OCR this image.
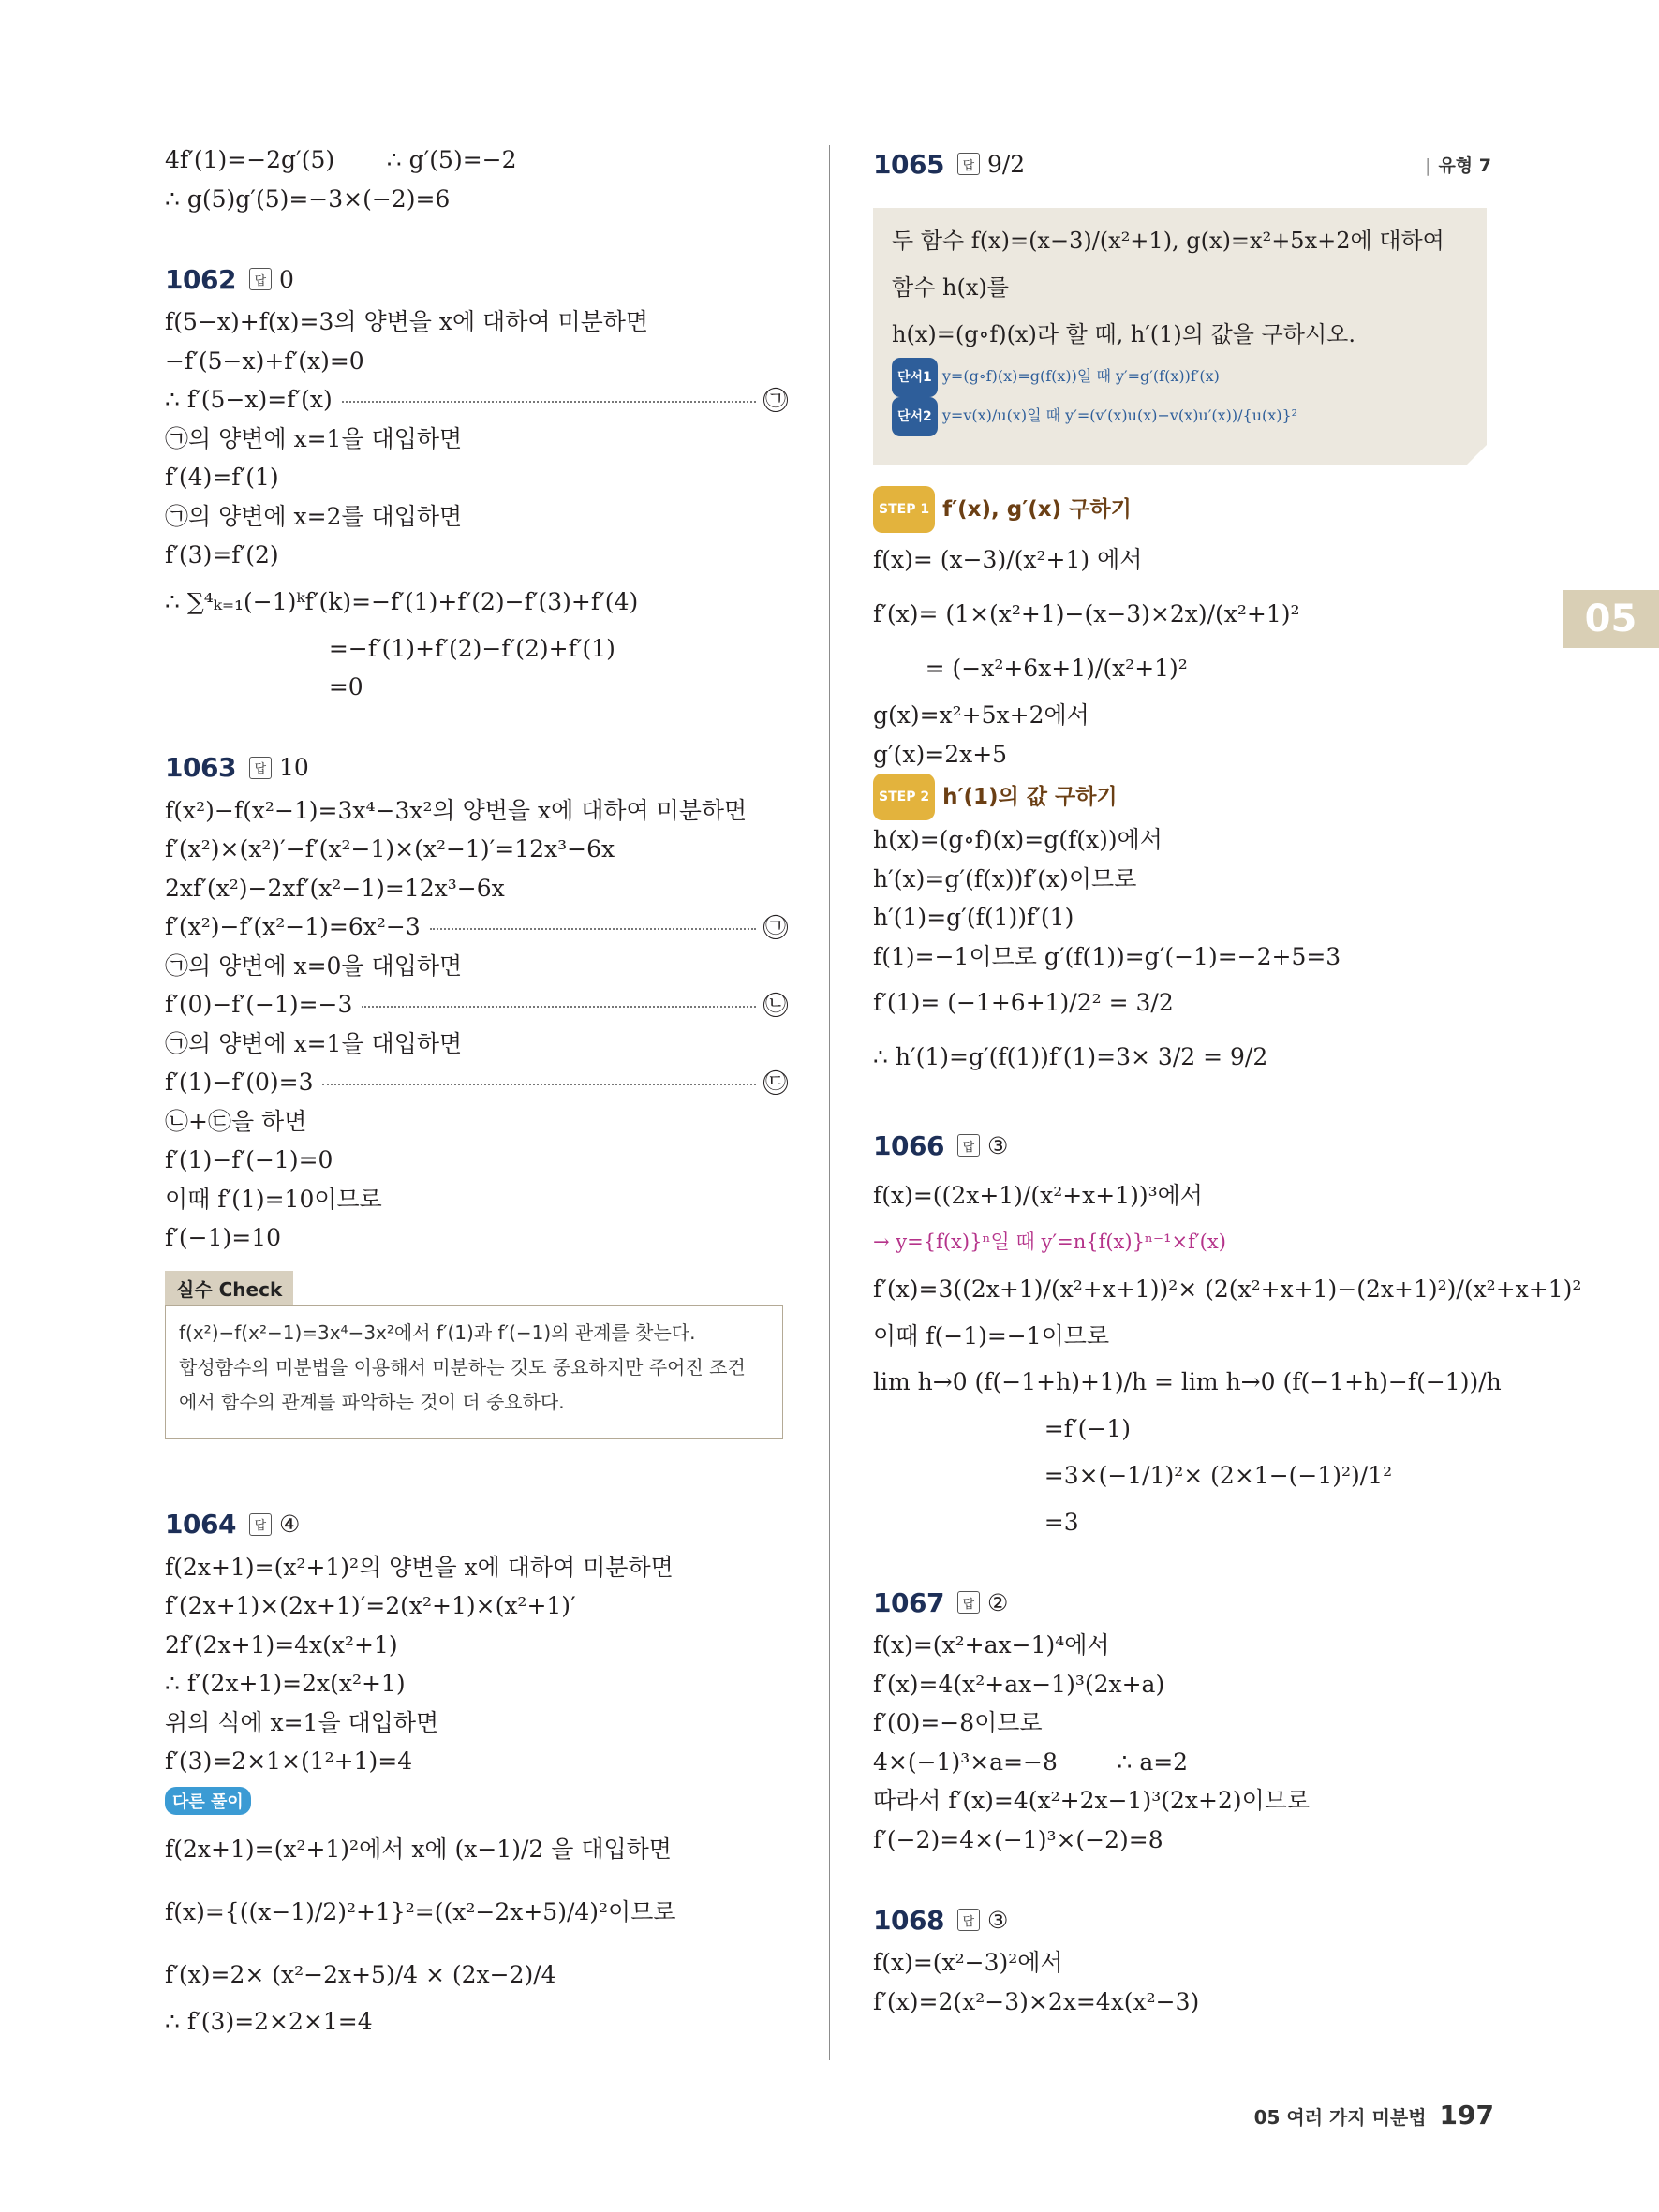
4f′(1)=−2g′(5)       ∴ g′(5)=−2
∴ g(5)g′(5)=−3×(−2)=6
1062	답 0
f(5−x)+f(x)=3의 양변을 x에 대하여 미분하면
−f′(5−x)+f′(x)=0
∴ f′(5−x)=f′(x)	㉠
㉠의 양변에 x=1을 대입하면
f′(4)=f′(1)
㉠의 양변에 x=2를 대입하면
f′(3)=f′(2)
∴ ∑⁴ₖ₌₁(−1)ᵏf′(k)=−f′(1)+f′(2)−f′(3)+f′(4)
=−f′(1)+f′(2)−f′(2)+f′(1)
=0
1063	답 10
f(x²)−f(x²−1)=3x⁴−3x²의 양변을 x에 대하여 미분하면
f′(x²)×(x²)′−f′(x²−1)×(x²−1)′=12x³−6x
2xf′(x²)−2xf′(x²−1)=12x³−6x
f′(x²)−f′(x²−1)=6x²−3	㉠
㉠의 양변에 x=0을 대입하면
f′(0)−f′(−1)=−3	㉡
㉠의 양변에 x=1을 대입하면
f′(1)−f′(0)=3	㉢
㉡+㉢을 하면
f′(1)−f′(−1)=0
이때 f′(1)=10이므로
f′(−1)=10
실수 Check
f(x²)−f(x²−1)=3x⁴−3x²에서 f′(1)과 f′(−1)의 관계를 찾는다.
합성함수의 미분법을 이용해서 미분하는 것도 중요하지만 주어진 조건
에서 함수의 관계를 파악하는 것이 더 중요하다.
1064	답 ④
f(2x+1)=(x²+1)²의 양변을 x에 대하여 미분하면
f′(2x+1)×(2x+1)′=2(x²+1)×(x²+1)′
2f′(2x+1)=4x(x²+1)
∴ f′(2x+1)=2x(x²+1)
위의 식에 x=1을 대입하면
f′(3)=2×1×(1²+1)=4
다른 풀이
f(2x+1)=(x²+1)²에서 x에 (x−1)/2 을 대입하면
f(x)={((x−1)/2)²+1}²=((x²−2x+5)/4)²이므로
f′(x)=2× (x²−2x+5)/4 × (2x−2)/4
∴ f′(3)=2×2×1=4
1065	답 9/2
|	유형 7
두 함수 f(x)=(x−3)/(x²+1), g(x)=x²+5x+2에 대하여 함수 h(x)를
h(x)=(g∘f)(x)라 할 때, h′(1)의 값을 구하시오.
단서1 y=(g∘f)(x)=g(f(x))일 때 y′=g′(f(x))f′(x)
단서2 y=v(x)/u(x)일 때 y′=(v′(x)u(x)−v(x)u′(x))/{u(x)}²
STEP 1 f′(x), g′(x) 구하기
f(x)= (x−3)/(x²+1) 에서
f′(x)= (1×(x²+1)−(x−3)×2x)/(x²+1)²
= (−x²+6x+1)/(x²+1)²
g(x)=x²+5x+2에서
g′(x)=2x+5
STEP 2 h′(1)의 값 구하기
h(x)=(g∘f)(x)=g(f(x))에서
h′(x)=g′(f(x))f′(x)이므로
h′(1)=g′(f(1))f′(1)
f(1)=−1이므로 g′(f(1))=g′(−1)=−2+5=3
f′(1)= (−1+6+1)/2² = 3/2
∴ h′(1)=g′(f(1))f′(1)=3× 3/2 = 9/2
1066	답 ③
f(x)=((2x+1)/(x²+x+1))³에서
→ y={f(x)}ⁿ일 때 y′=n{f(x)}ⁿ⁻¹×f′(x)
f′(x)=3((2x+1)/(x²+x+1))²× (2(x²+x+1)−(2x+1)²)/(x²+x+1)²
이때 f(−1)=−1이므로
lim h→0 (f(−1+h)+1)/h = lim h→0 (f(−1+h)−f(−1))/h
=f′(−1)
=3×(−1/1)²× (2×1−(−1)²)/1²
=3
1067	답 ②
f(x)=(x²+ax−1)⁴에서
f′(x)=4(x²+ax−1)³(2x+a)
f′(0)=−8이므로
4×(−1)³×a=−8        ∴ a=2
따라서 f′(x)=4(x²+2x−1)³(2x+2)이므로
f′(−2)=4×(−1)³×(−2)=8
1068	답 ③
f(x)=(x²−3)²에서
f′(x)=2(x²−3)×2x=4x(x²−3)
05
05 여러 가지 미분법 197
